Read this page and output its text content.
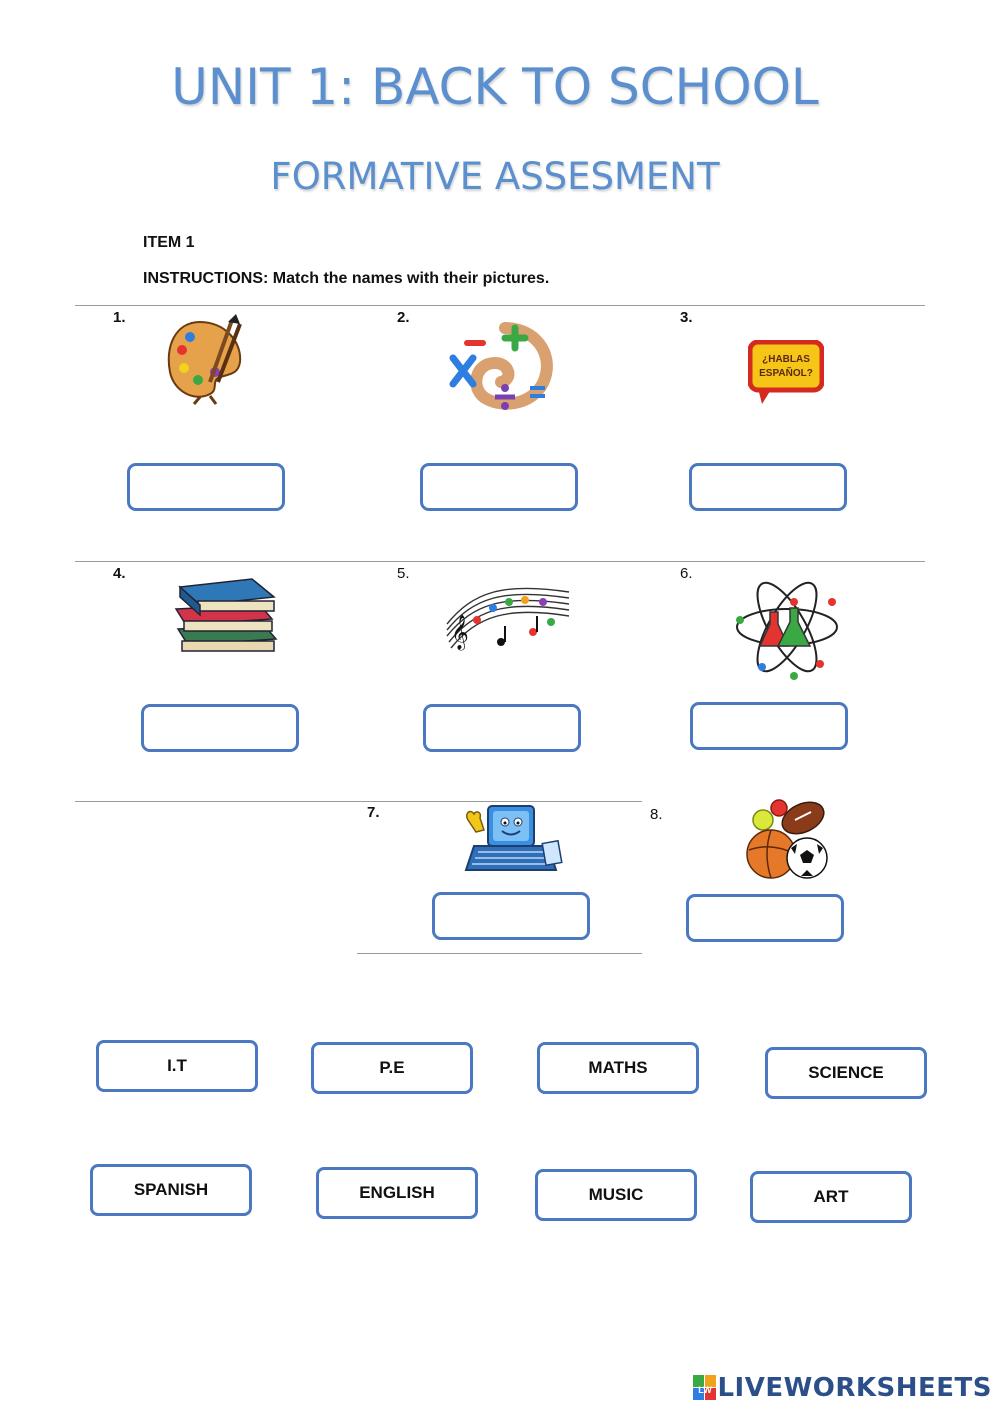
UNIT 1: BACK TO SCHOOL
FORMATIVE ASSESMENT
ITEM 1
INSTRUCTIONS: Match the names with their pictures.
1.	2.	3.
4.	5.	6.
7.	8.
¿HABLAS
ESPAÑOL?
𝄞
I.T	P.E	MATHS	SCIENCE
SPANISH	ENGLISH	MUSIC	ART
LW LIVEWORKSHEETS
